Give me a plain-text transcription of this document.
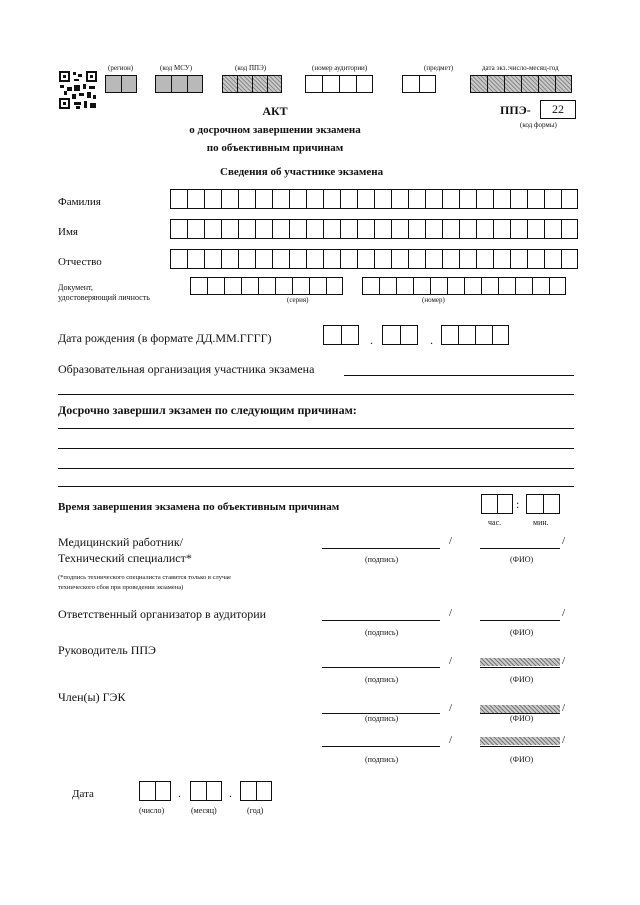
(регион)	(код МСУ)	(код ППЭ)	(номер аудитории)	(предмет)	дата экз.:число-месяц-год
ППЭ-	22
(код формы)
АКТ
о досрочном завершении экзамена
по объективным причинам
Сведения об участнике экзамена
Фамилия
Имя
Отчество
Документ,
удостоверяющий личность	(серия)	(номер)
Дата рождения (в формате ДД.ММ.ГГГГ)	.	.
Образовательная организация участника экзамена
Досрочно завершил экзамен по следующим причинам:
Время завершения экзамена по объективным причинам	:
час.	мин.
Медицинский работник/
Технический специалист*
(*подпись технического специалиста ставится только в случае
технического сбоя при проведении экзамена)
/	/
(подпись)	(ФИО)
Ответственный организатор в аудитории	/	/
(подпись)	(ФИО)
Руководитель ППЭ
/	/
(подпись)	(ФИО)
Член(ы) ГЭК
/	/
(подпись)	(ФИО)
/	/
(подпись)	(ФИО)
Дата	.	.
(число)	(месяц)	(год)
